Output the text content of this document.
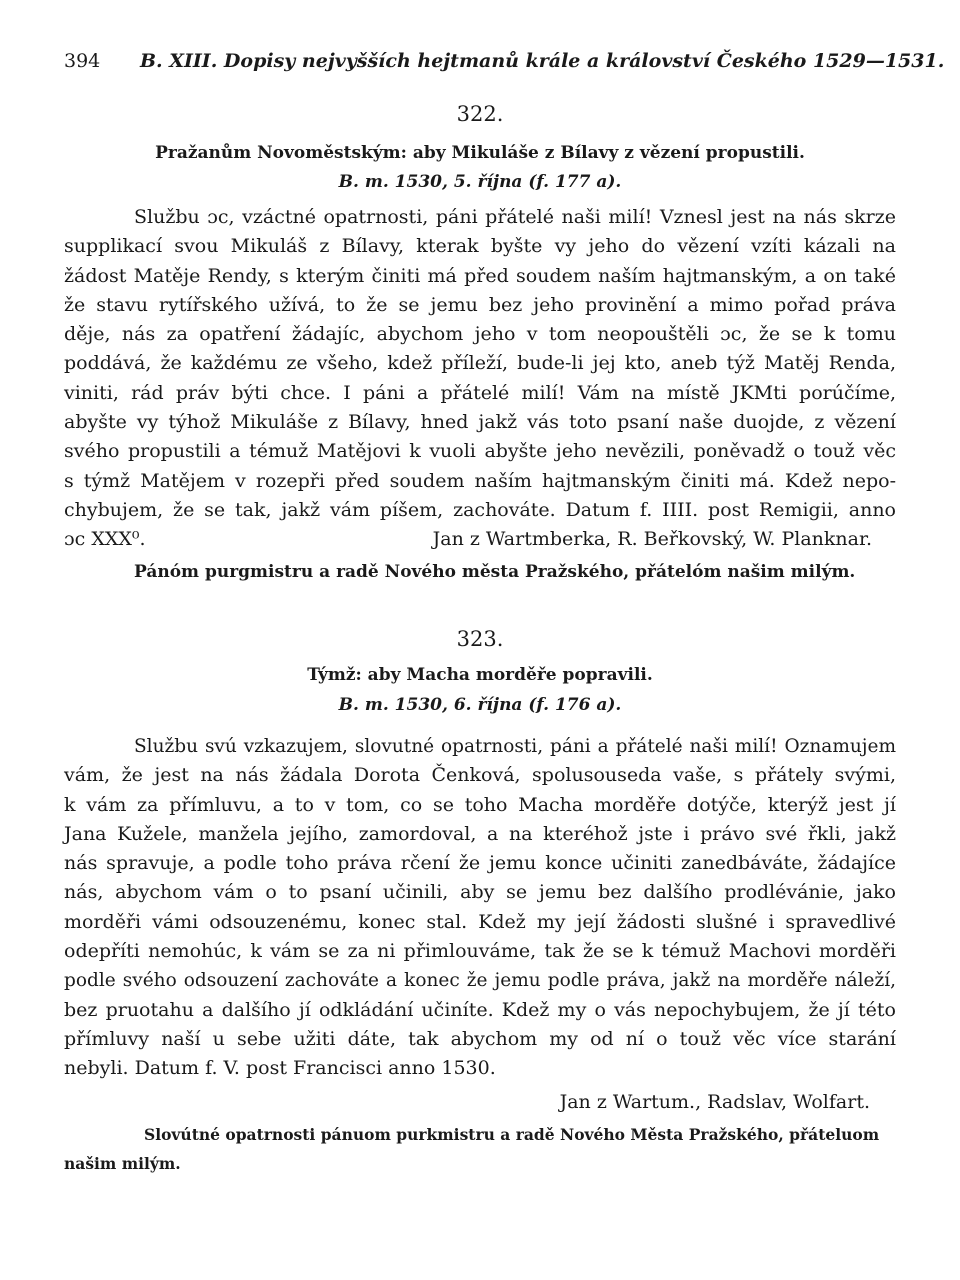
394 B. XIII. Dopisy nejvyšších hejtmanů krále a království Českého 1529—1531.
322.
Pražanům Novoměstským: aby Mikuláše z Bílavy z vězení propustili.
B. m. 1530, 5. října (f. 177 a).
Službu ɔc, vzáctné opatrnosti, páni přátelé naši milí! Vznesl jest na nás skrze
supplikací svou Mikuláš z Bílavy, kterak byšte vy jeho do vězení vzíti kázali na
žádost Matěje Rendy, s kterým činiti má před soudem naším hajtmanským, a on také
že stavu rytířského užívá, to že se jemu bez jeho provinění a mimo pořad práva
děje, nás za opatření žádajíc, abychom jeho v tom neopouštěli ɔc, že se k tomu
poddává, že každému ze všeho, kdež příleží, bude-li jej kto, aneb týž Matěj Renda,
viniti, rád práv býti chce. I páni a přátelé milí! Vám na místě JKMti porúčíme,
abyšte vy týhož Mikuláše z Bílavy, hned jakž vás toto psaní naše duojde, z vězení
svého propustili a témuž Matějovi k vuoli abyšte jeho nevězili, poněvadž o touž věc
s týmž Matějem v rozepři před soudem naším hajtmanským činiti má. Kdež nepo-
chybujem, že se tak, jakž vám píšem, zachováte. Datum f. IIII. post Remigii, anno
ɔc XXX⁰.	Jan z Wartmberka, R. Beřkovský, W. Planknar.
Pánóm purgmistru a radě Nového města Pražského, přátelóm našim milým.
323.
Týmž: aby Macha morděře popravili.
B. m. 1530, 6. října (f. 176 a).
Službu svú vzkazujem, slovutné opatrnosti, páni a přátelé naši milí! Oznamujem
vám, že jest na nás žádala Dorota Čenková, spolusouseda vaše, s přátely svými,
k vám za přímluvu, a to v tom, co se toho Macha morděře dotýče, kterýž jest jí
Jana Kužele, manžela jejího, zamordoval, a na kteréhož jste i právo své řkli, jakž
nás spravuje, a podle toho práva rčení že jemu konce učiniti zanedbáváte, žádajíce
nás, abychom vám o to psaní učinili, aby se jemu bez dalšího prodlévánie, jako
morděři vámi odsouzenému, konec stal. Kdež my její žádosti slušné i spravedlivé
odepříti nemohúc, k vám se za ni přimlouváme, tak že se k témuž Machovi morděři
podle svého odsouzení zachováte a konec že jemu podle práva, jakž na morděře náleží,
bez pruotahu a dalšího jí odkládání učiníte. Kdež my o vás nepochybujem, že jí této
přímluvy naší u sebe užiti dáte, tak abychom my od ní o touž věc více starání
nebyli. Datum f. V. post Francisci anno 1530.
Jan z Wartum., Radslav, Wolfart.
Slovútné opatrnosti pánuom purkmistru a radě Nového Města Pražského, přáteluom
našim milým.
